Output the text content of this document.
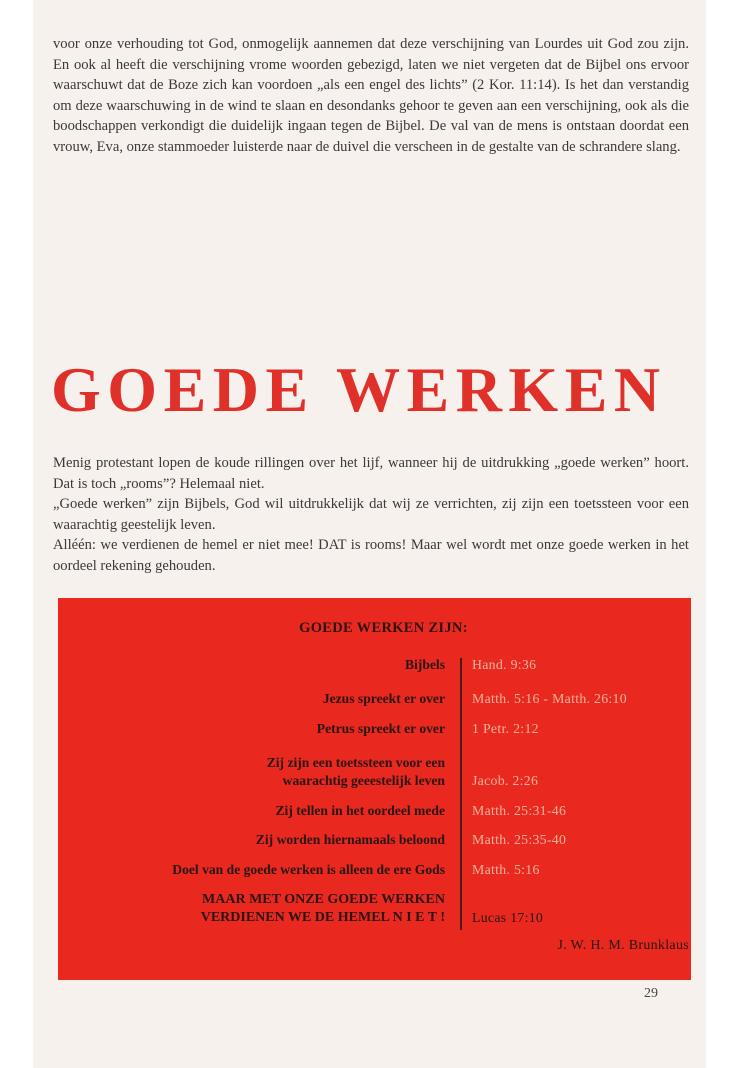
voor onze verhouding tot God, onmogelijk aannemen dat deze verschijning van Lourdes uit God zou zijn. En ook al heeft die verschijning vrome woorden gebezigd, laten we niet vergeten dat de Bijbel ons ervoor waarschuwt dat de Boze zich kan voordoen „als een engel des lichts” (2 Kor. 11:14). Is het dan verstandig om deze waarschuwing in de wind te slaan en desondanks gehoor te geven aan een verschijning, ook als die boodschappen verkondigt die duidelijk ingaan tegen de Bijbel. De val van de mens is ontstaan doordat een vrouw, Eva, onze stammoeder luisterde naar de duivel die verscheen in de gestalte van de schrandere slang.

GOEDE WERKEN

Menig protestant lopen de koude rillingen over het lijf, wanneer hij de uitdrukking „goede werken” hoort. Dat is toch „rooms”? Helemaal niet.

„Goede werken” zijn Bijbels, God wil uitdrukkelijk dat wij ze verrichten, zij zijn een toetssteen voor een waarachtig geestelijk leven.

Alléén: we verdienen de hemel er niet mee! DAT is rooms! Maar wel wordt met onze goede werken in het oordeel rekening gehouden.

GOEDE WERKEN ZIJN:
Bijbels Hand. 9:36
Jezus spreekt er over Matth. 5:16 - Matth. 26:10
Petrus spreekt er over 1 Petr. 2:12
Zij zijn een toetssteen voor een
waarachtig geeestelijk leven Jacob. 2:26
Zij tellen in het oordeel mede Matth. 25:31-46
Zij worden hiernamaals beloond Matth. 25:35-40
Doel van de goede werken is alleen de ere Gods Matth. 5:16
MAAR MET ONZE GOEDE WERKEN
VERDIENEN WE DE HEMEL N I E T ! Lucas 17:10
J. W. H. M. Brunklaus
29
